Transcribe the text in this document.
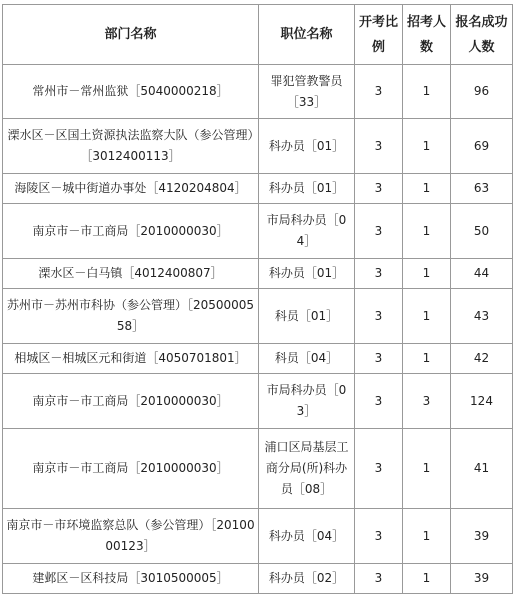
部门名称	职位名称	开考比例	招考人数	报名成功人数
常州市－常州监狱［5040000218］	罪犯管教警员［33］	3	1	96
溧水区－区国土资源执法监察大队（参公管理）［3012400113］	科办员［01］	3	1	69
海陵区－城中街道办事处［4120204804］	科办员［01］	3	1	63
南京市－市工商局［2010000030］	市局科办员［04］	3	1	50
溧水区－白马镇［4012400807］	科办员［01］	3	1	44
苏州市－苏州市科协（参公管理）［2050000558］	科员［01］	3	1	43
相城区－相城区元和街道［4050701801］	科员［04］	3	1	42
南京市－市工商局［2010000030］	市局科办员［03］	3	3	124
南京市－市工商局［2010000030］	浦口区局基层工商分局(所)科办员［08］	3	1	41
南京市－市环境监察总队（参公管理）［2010000123］	科办员［04］	3	1	39
建邺区－区科技局［3010500005］	科办员［02］	3	1	39
